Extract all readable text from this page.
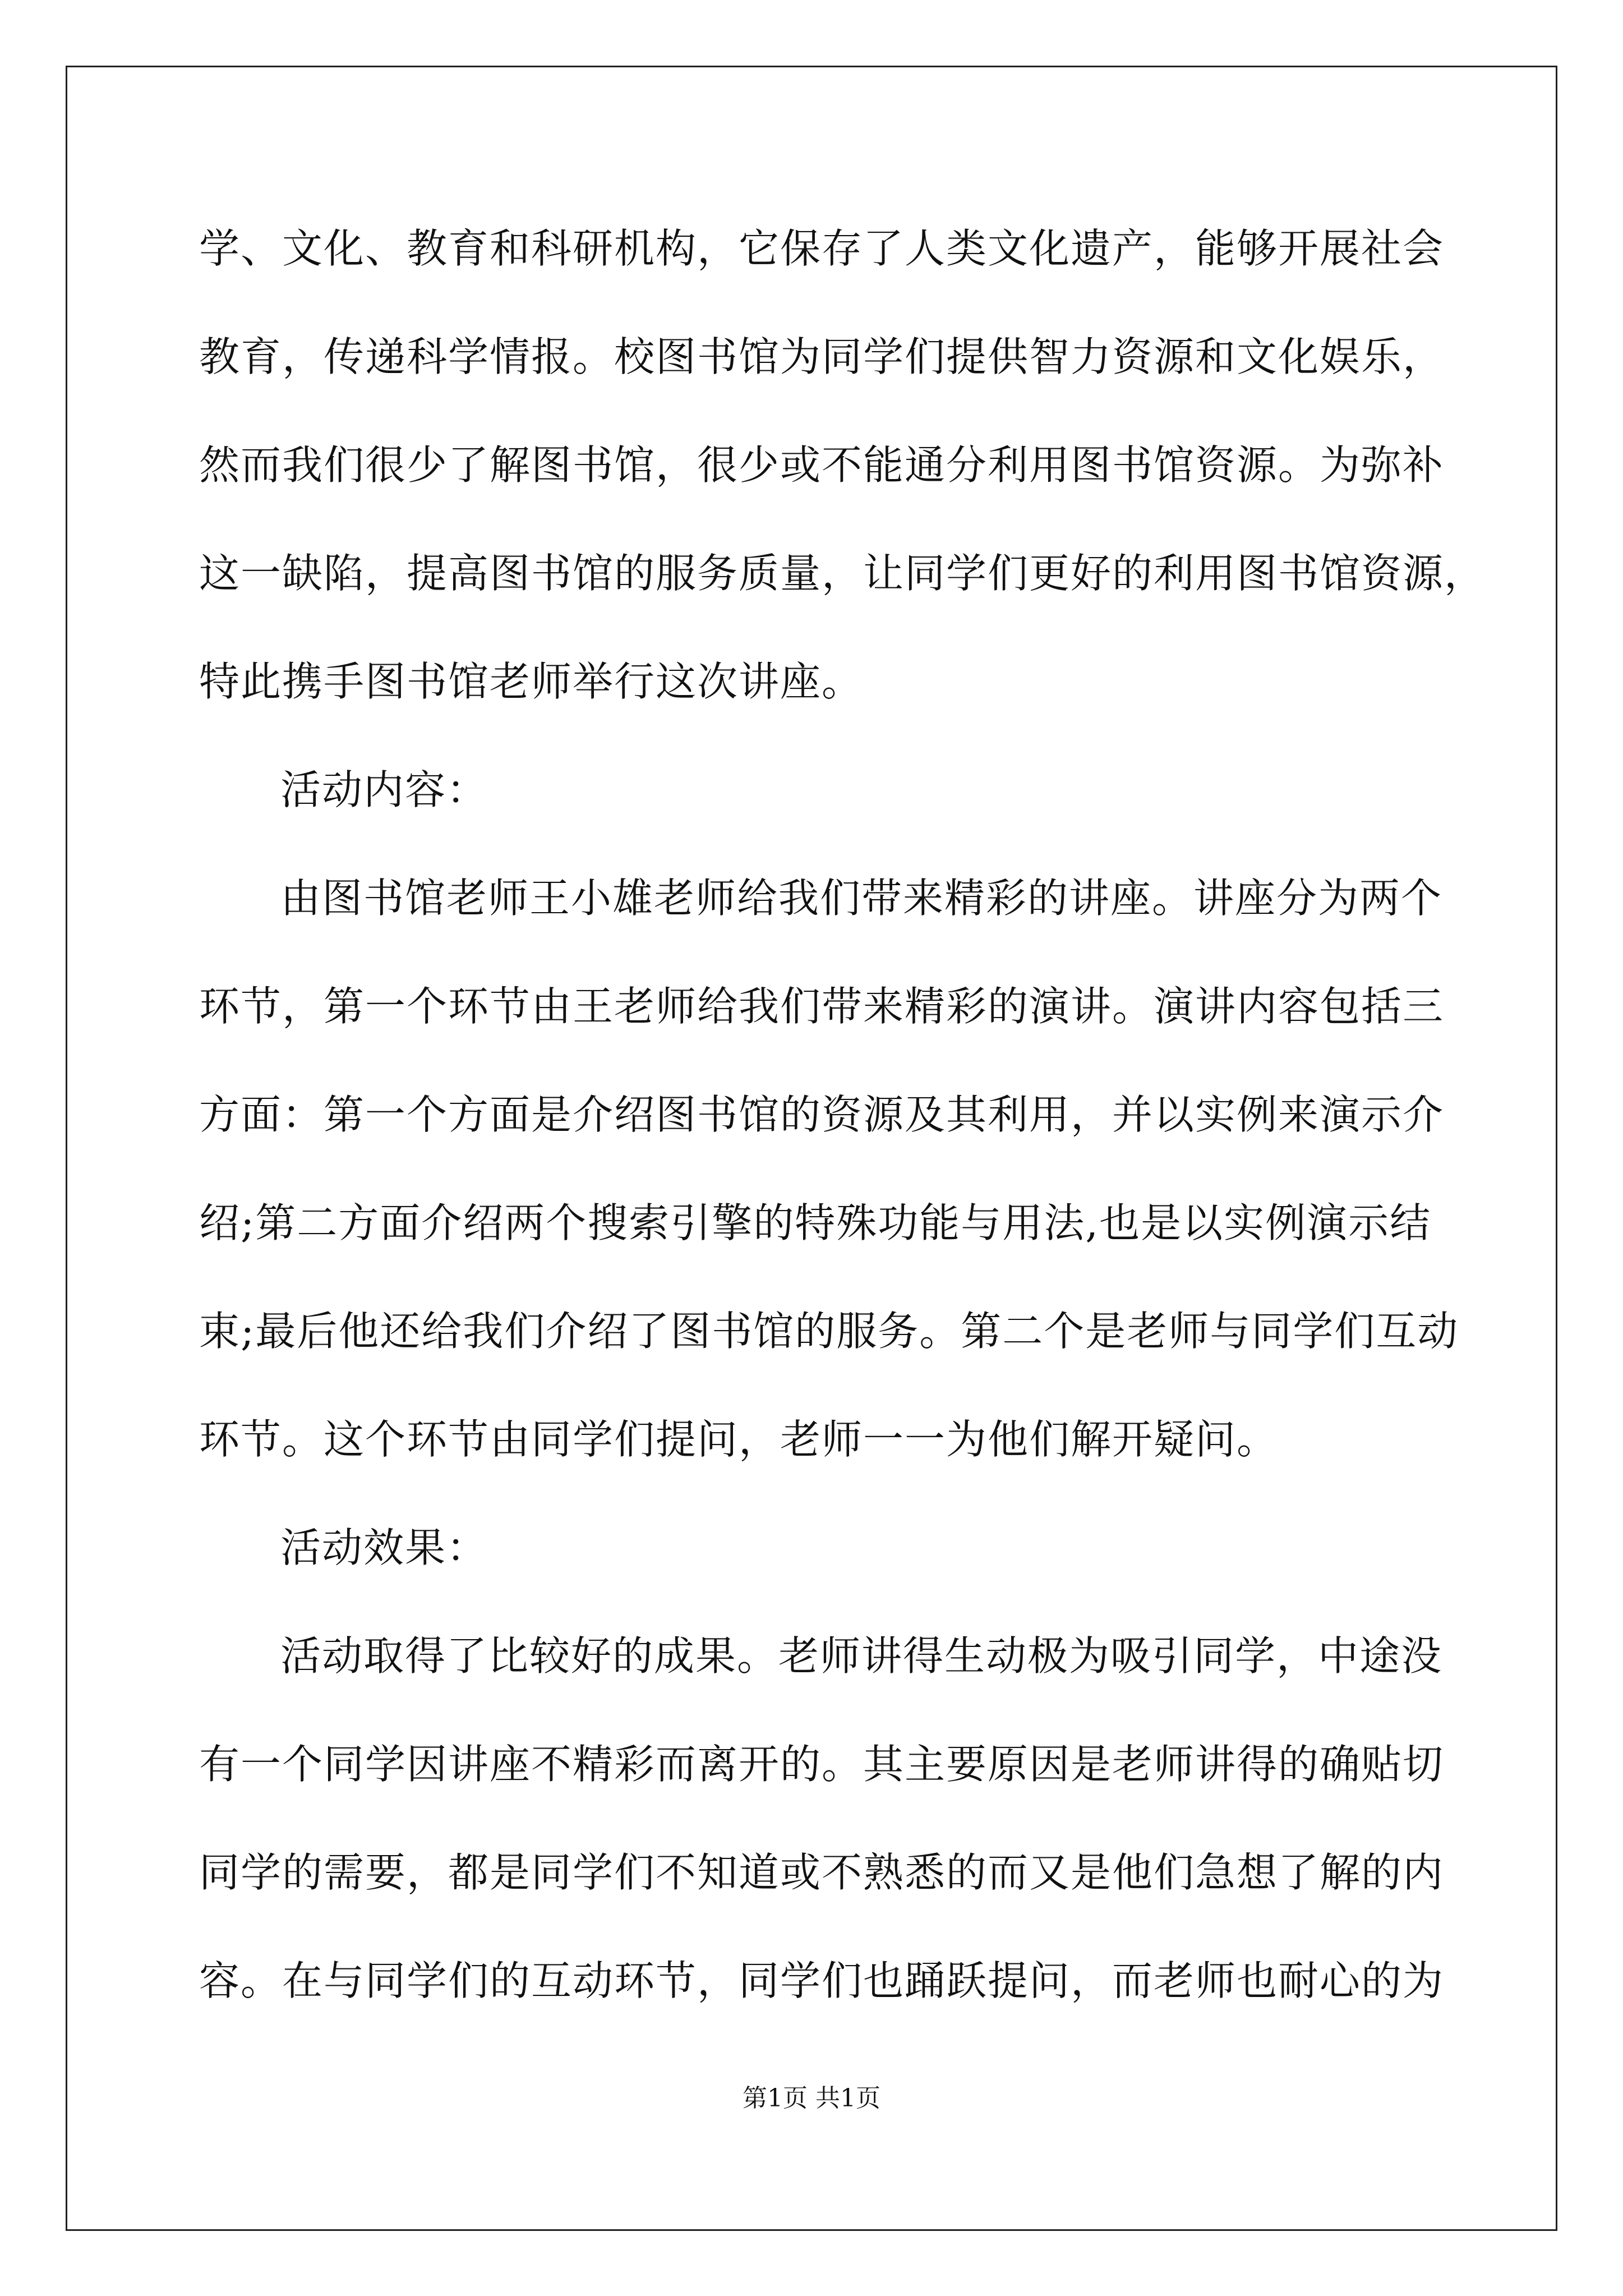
学、文化、教育和科研机构，它保存了人类文化遗产，能够开展社会
教育，传递科学情报。校图书馆为同学们提供智力资源和文化娱乐，
然而我们很少了解图书馆，很少或不能通分利用图书馆资源。为弥补
这一缺陷，提高图书馆的服务质量，让同学们更好的利用图书馆资源，
特此携手图书馆老师举行这次讲座。
活动内容：
由图书馆老师王小雄老师给我们带来精彩的讲座。讲座分为两个
环节，第一个环节由王老师给我们带来精彩的演讲。演讲内容包括三
方面：第一个方面是介绍图书馆的资源及其利用，并以实例来演示介
绍;第二方面介绍两个搜索引擎的特殊功能与用法,也是以实例演示结
束;最后他还给我们介绍了图书馆的服务。第二个是老师与同学们互动
环节。这个环节由同学们提问，老师一一为他们解开疑问。
活动效果：
活动取得了比较好的成果。老师讲得生动极为吸引同学，中途没
有一个同学因讲座不精彩而离开的。其主要原因是老师讲得的确贴切
同学的需要，都是同学们不知道或不熟悉的而又是他们急想了解的内
容。在与同学们的互动环节，同学们也踊跃提问，而老师也耐心的为
第1页 共1页
